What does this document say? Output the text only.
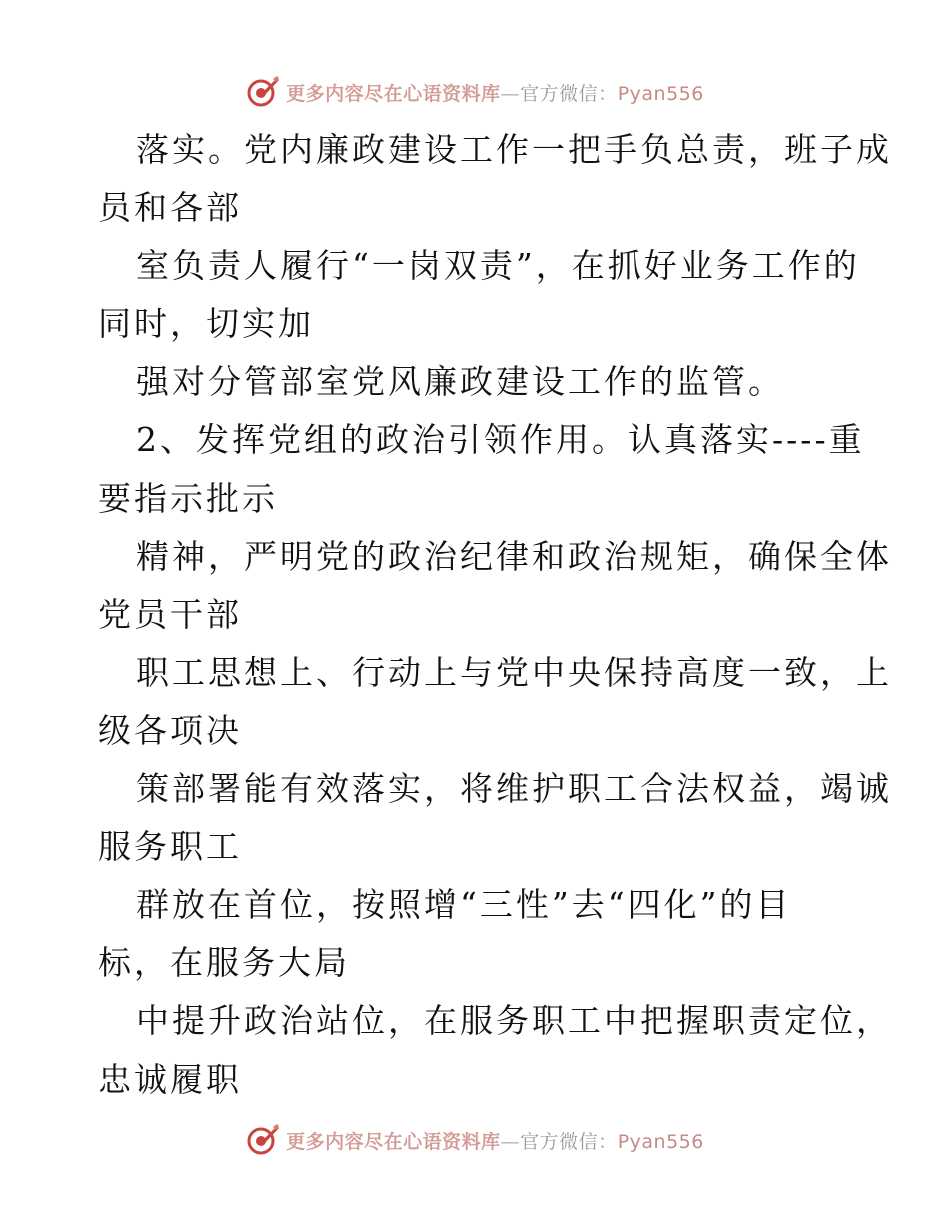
更多内容尽在心语资料库—官方微信：Pyan556
落实。党内廉政建设工作一把手负总责，班子成
员和各部
室负责人履行“一岗双责”，在抓好业务工作的
同时，切实加
强对分管部室党风廉政建设工作的监管。
2、发挥党组的政治引领作用。认真落实----重
要指示批示
精神，严明党的政治纪律和政治规矩，确保全体
党员干部
职工思想上、行动上与党中央保持高度一致，上
级各项决
策部署能有效落实，将维护职工合法权益，竭诚
服务职工
群放在首位，按照增“三性”去“四化”的目
标，在服务大局
中提升政治站位，在服务职工中把握职责定位，
忠诚履职
更多内容尽在心语资料库—官方微信：Pyan556
